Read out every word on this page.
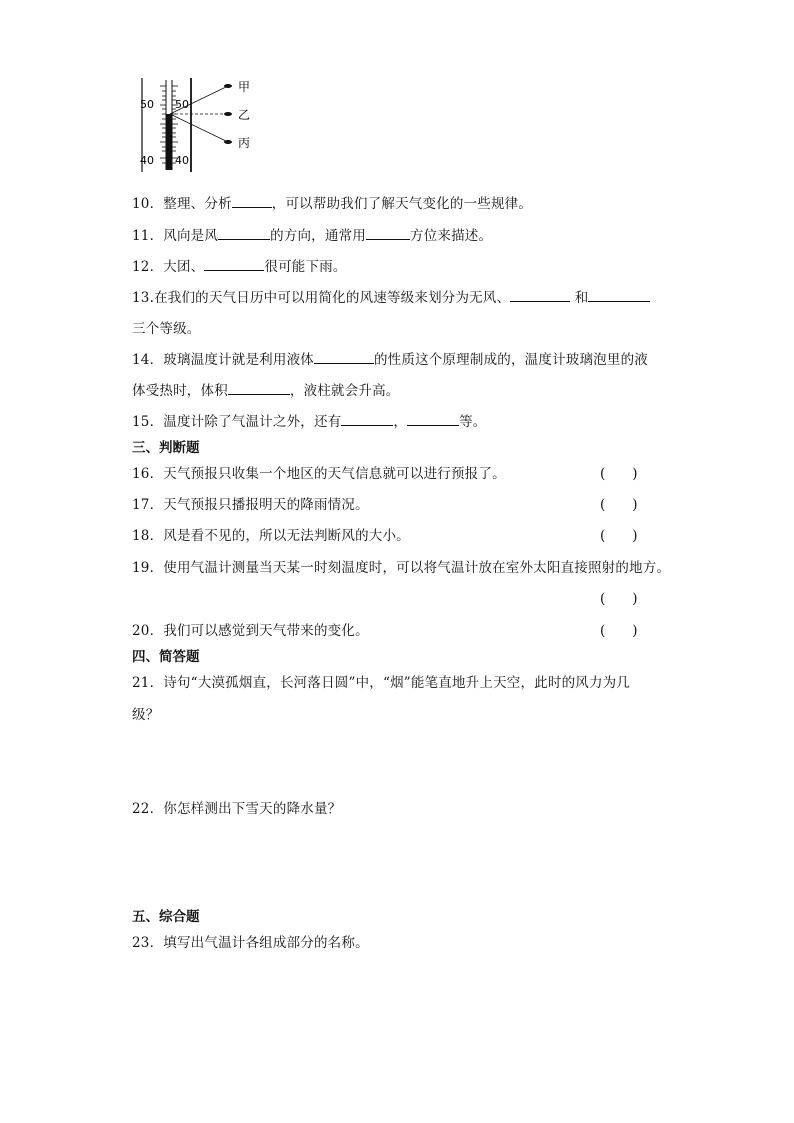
50 50
40 40
甲
乙
丙
10．整理、分析	，可以帮助我们了解天气变化的一些规律。
11．风向是风	的方向，通常用	方位来描述。
12．大团、	很可能下雨。
13.在我们的天气日历中可以用简化的风速等级来划分为无风、	和
三个等级。
14．玻璃温度计就是利用液体	的性质这个原理制成的，温度计玻璃泡里的液
体受热时，体积	，液柱就会升高。
15．温度计除了气温计之外，还有	，	等。
三、判断题
16．天气预报只收集一个地区的天气信息就可以进行预报了。	(　　)
17．天气预报只播报明天的降雨情况。	(　　)
18．风是看不见的，所以无法判断风的大小。	(　　)
19．使用气温计测量当天某一时刻温度时，可以将气温计放在室外太阳直接照射的地方。
(　　)
20．我们可以感觉到天气带来的变化。	(　　)
四、简答题
21．诗句“大漠孤烟直，长河落日圆”中，“烟”能笔直地升上天空，此时的风力为几
级？
22．你怎样测出下雪天的降水量？
五、综合题
23．填写出气温计各组成部分的名称。
